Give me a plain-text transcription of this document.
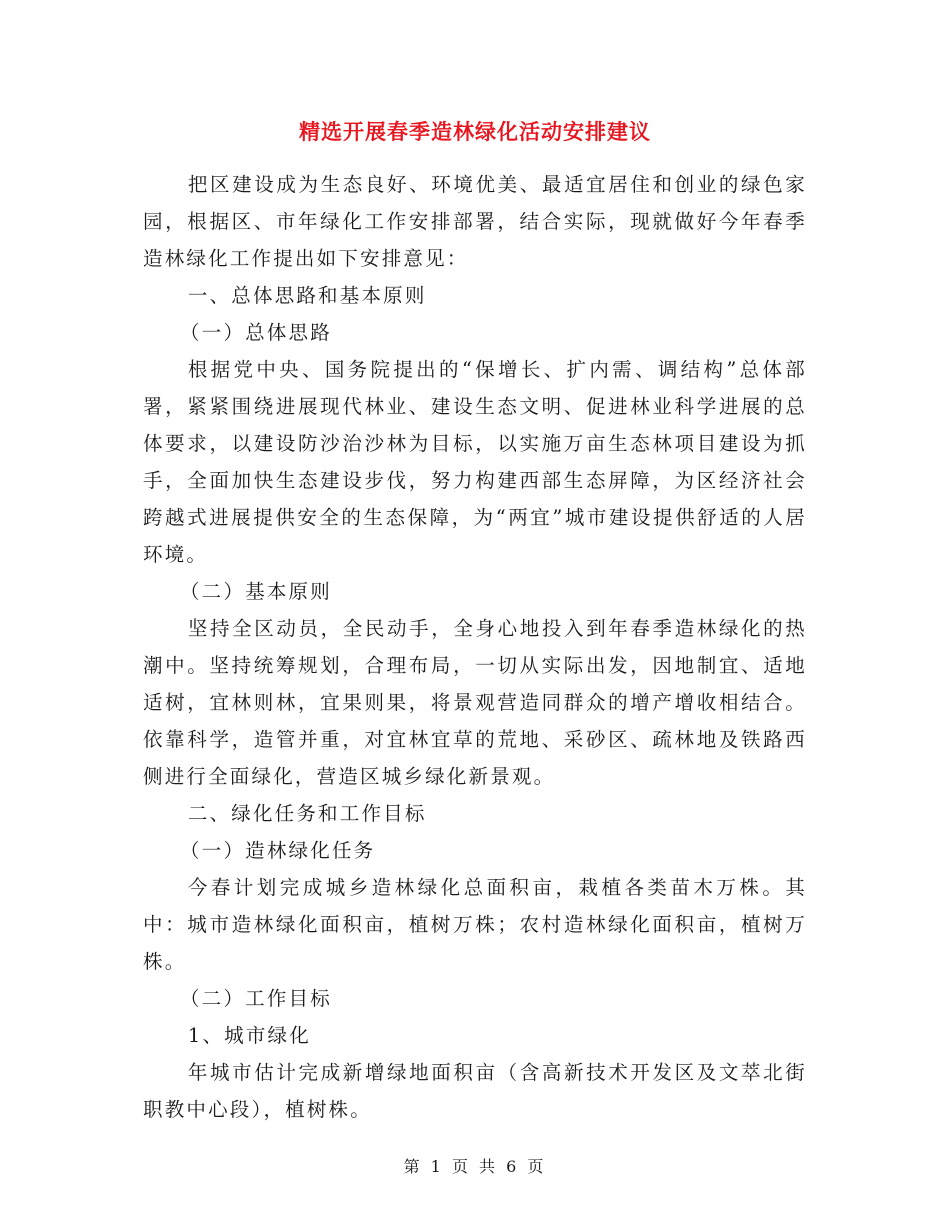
精选开展春季造林绿化活动安排建议

把区建设成为生态良好、环境优美、最适宜居住和创业的绿色家园，根据区、市年绿化工作安排部署，结合实际，现就做好今年春季造林绿化工作提出如下安排意见：

一、总体思路和基本原则

（一）总体思路

根据党中央、国务院提出的“保增长、扩内需、调结构”总体部署，紧紧围绕进展现代林业、建设生态文明、促进林业科学进展的总体要求，以建设防沙治沙林为目标，以实施万亩生态林项目建设为抓手，全面加快生态建设步伐，努力构建西部生态屏障，为区经济社会跨越式进展提供安全的生态保障，为“两宜”城市建设提供舒适的人居环境。

（二）基本原则

坚持全区动员，全民动手，全身心地投入到年春季造林绿化的热潮中。坚持统筹规划，合理布局，一切从实际出发，因地制宜、适地适树，宜林则林，宜果则果，将景观营造同群众的增产增收相结合。依靠科学，造管并重，对宜林宜草的荒地、采砂区、疏林地及铁路西侧进行全面绿化，营造区城乡绿化新景观。

二、绿化任务和工作目标

（一）造林绿化任务

今春计划完成城乡造林绿化总面积亩，栽植各类苗木万株。其中：城市造林绿化面积亩，植树万株；农村造林绿化面积亩，植树万株。

（二）工作目标

1、城市绿化

年城市估计完成新增绿地面积亩（含高新技术开发区及文萃北街职教中心段），植树株。

第 1 页 共 6 页
